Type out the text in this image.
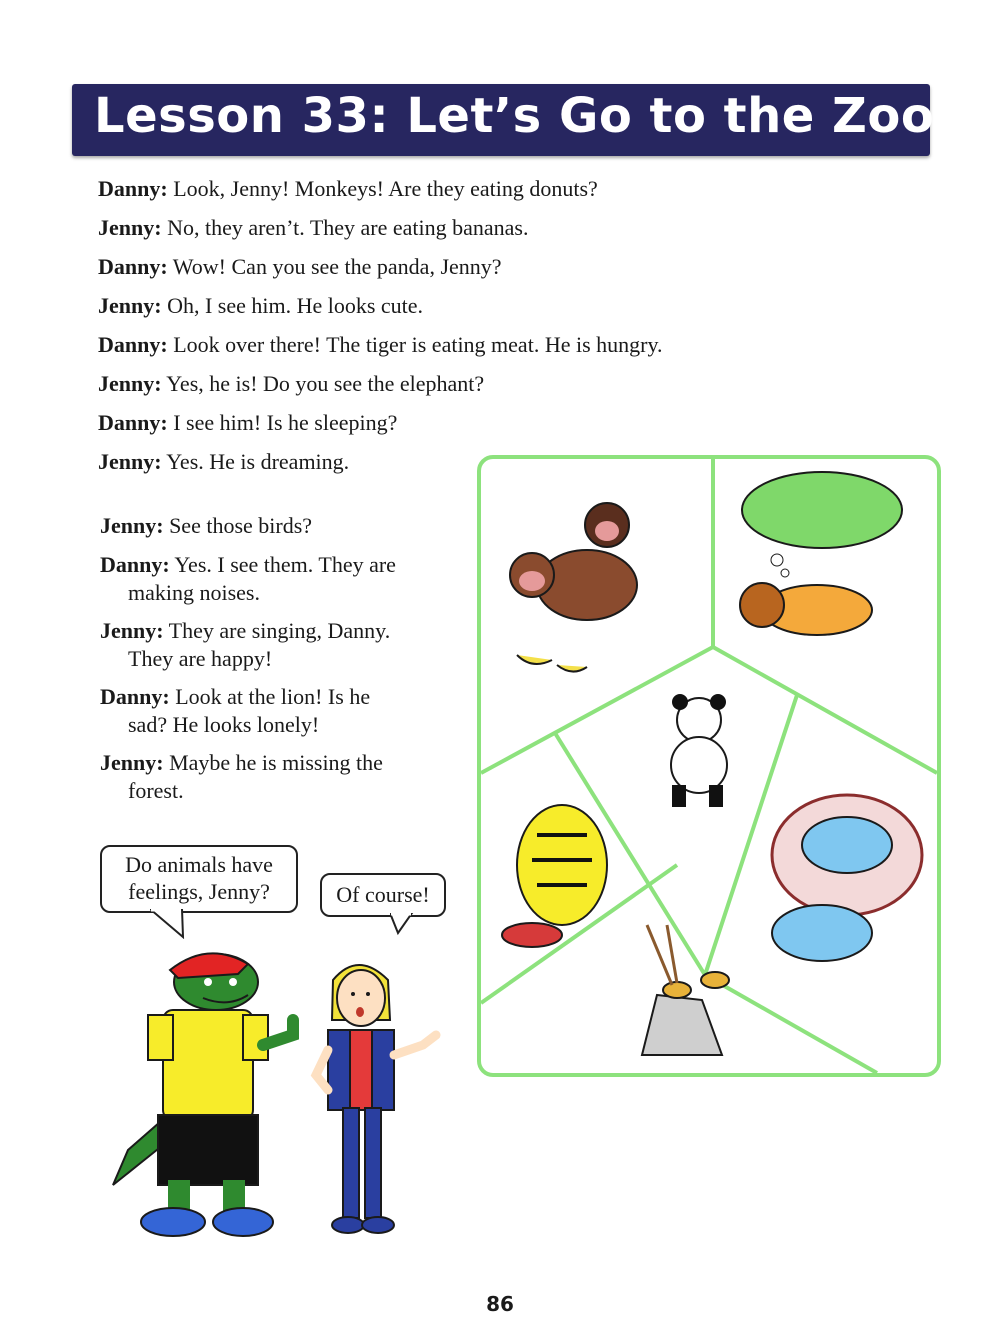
Lesson 33: Let’s Go to the Zoo!
Danny: Look, Jenny! Monkeys! Are they eating donuts?
Jenny: No, they aren’t. They are eating bananas.
Danny: Wow! Can you see the panda, Jenny?
Jenny: Oh, I see him. He looks cute.
Danny: Look over there! The tiger is eating meat. He is hungry.
Jenny: Yes, he is! Do you see the elephant?
Danny: I see him! Is he sleeping?
Jenny: Yes. He is dreaming.
Jenny: See those birds?
Danny: Yes. I see them. They are
making noises.
Jenny: They are singing, Danny.
They are happy!
Danny: Look at the lion! Is he
sad? He looks lonely!
Jenny: Maybe he is missing the
forest.
Do animals have
feelings, Jenny?	Of course!
86
